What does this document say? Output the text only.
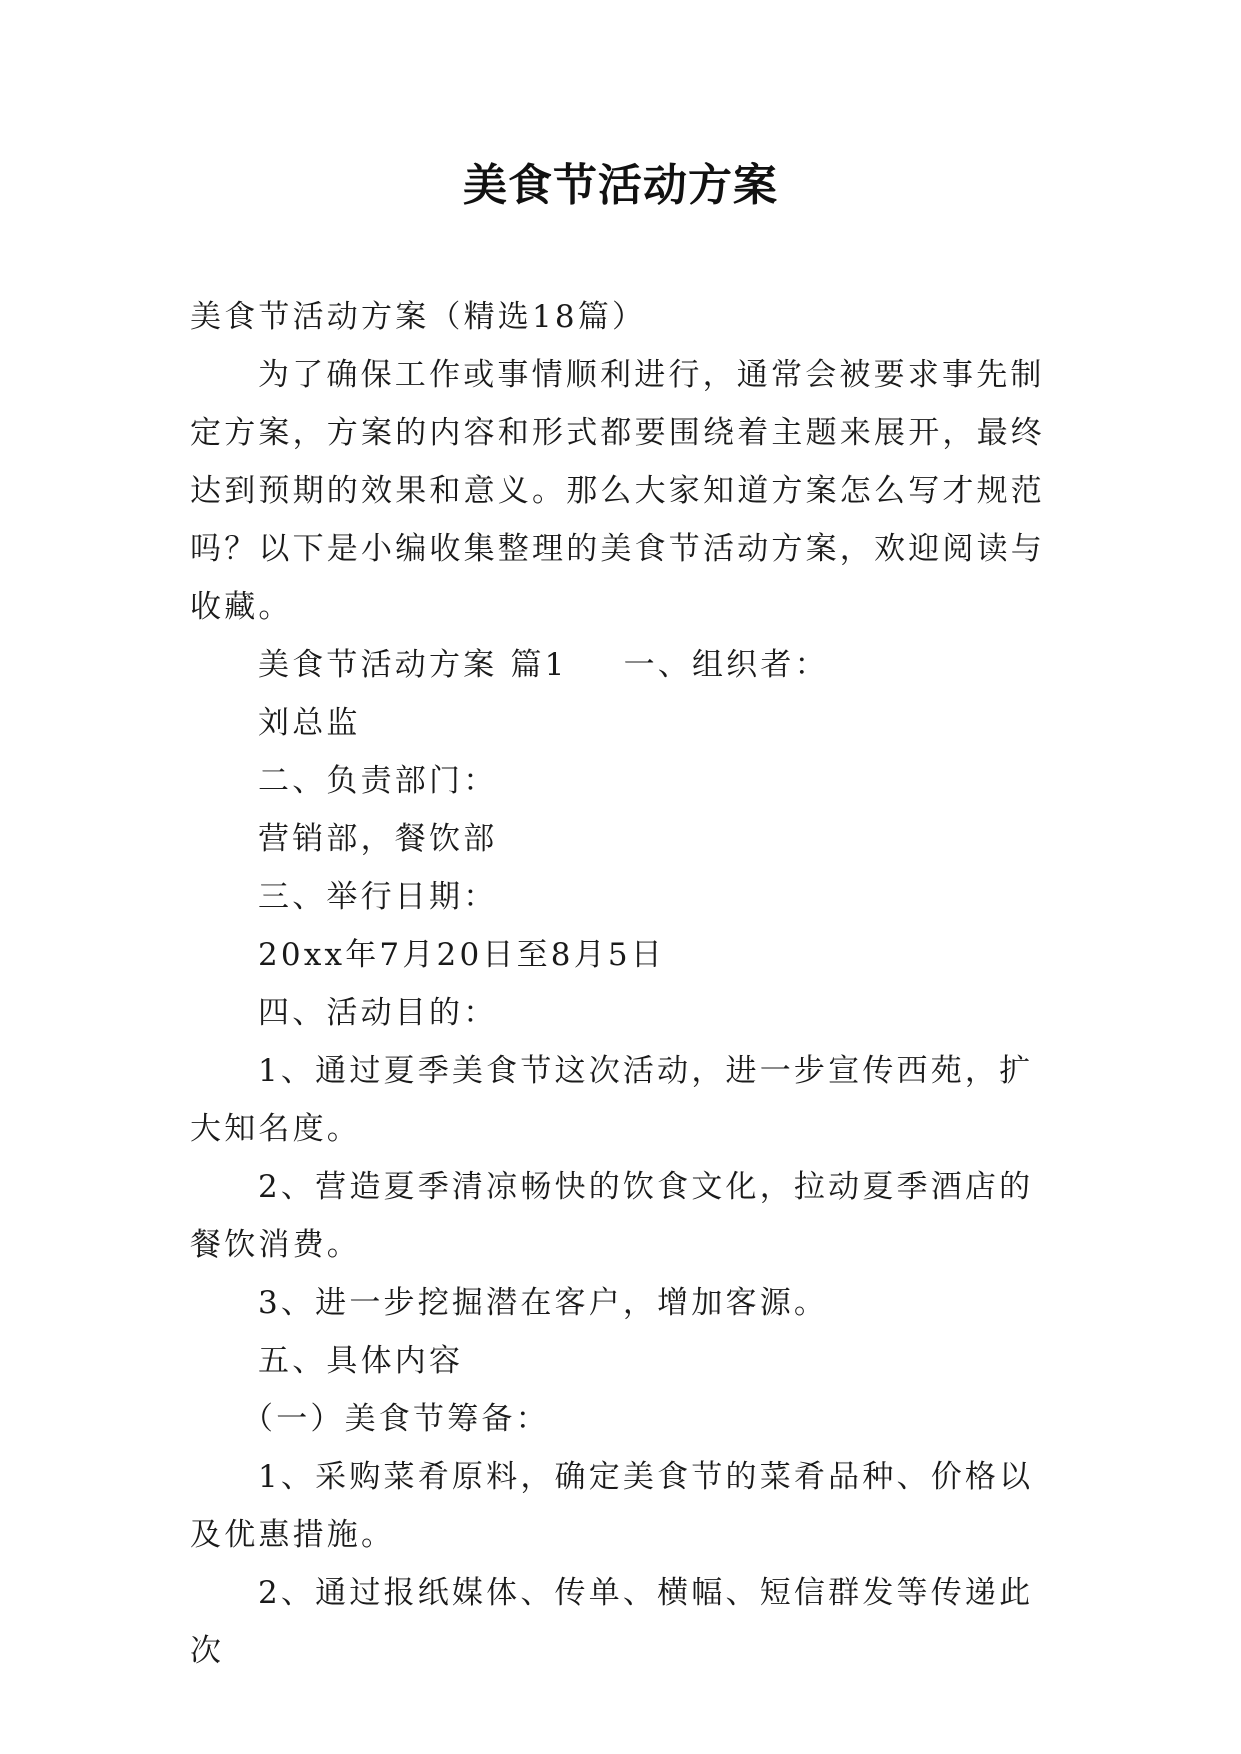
美食节活动方案

美食节活动方案（精选18篇）

为了确保工作或事情顺利进行，通常会被要求事先制定方案，方案的内容和形式都要围绕着主题来展开，最终达到预期的效果和意义。那么大家知道方案怎么写才规范吗？以下是小编收集整理的美食节活动方案，欢迎阅读与收藏。

美食节活动方案 篇1 一、组织者：

刘总监

二、负责部门：

营销部，餐饮部

三、举行日期：

20xx年7月20日至8月5日

四、活动目的：

1、通过夏季美食节这次活动，进一步宣传西苑，扩大知名度。

2、营造夏季清凉畅快的饮食文化，拉动夏季酒店的餐饮消费。

3、进一步挖掘潜在客户，增加客源。

五、具体内容

（一）美食节筹备：

1、采购菜肴原料，确定美食节的菜肴品种、价格以及优惠措施。

2、通过报纸媒体、传单、横幅、短信群发等传递此次
